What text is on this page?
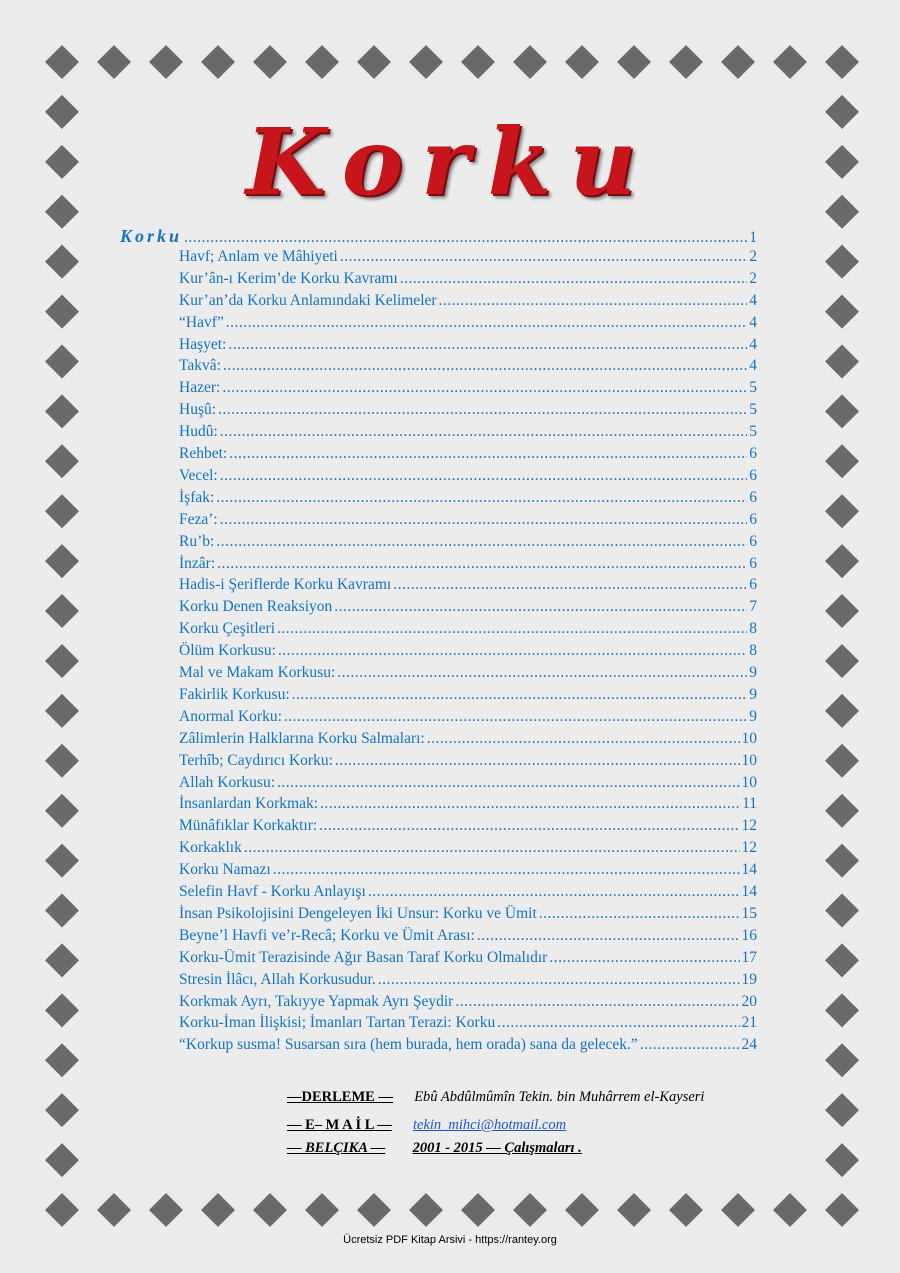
Korku
Korku .....	1
Havf; Anlam ve Mâhiyeti .....	2
Kur’ân-ı Kerim’de Korku Kavramı .....	2
Kur’an’da Korku Anlamındaki Kelimeler .....	4
“Havf” .....	4
Haşyet: .....	4
Takvâ: .....	4
Hazer: .....	5
Huşû: .....	5
Hudû: .....	5
Rehbet: .....	6
Vecel: .....	6
İşfak: .....	6
Feza’: .....	6
Ru’b: .....	6
İnzâr: .....	6
Hadis-i Şeriflerde Korku Kavramı .....	6
Korku Denen Reaksiyon .....	7
Korku Çeşitleri .....	8
Ölüm Korkusu: .....	8
Mal ve Makam Korkusu: .....	9
Fakirlik Korkusu: .....	9
Anormal Korku: .....	9
Zâlimlerin Halklarına Korku Salmaları: .....	10
Terhîb; Caydırıcı Korku: .....	10
Allah Korkusu: .....	10
İnsanlardan Korkmak: .....	11
Münâfıklar Korkaktır: .....	12
Korkaklık .....	12
Korku Namazı .....	14
Selefin Havf - Korku Anlayışı .....	14
İnsan Psikolojisini Dengeleyen İki Unsur: Korku ve Ümit .....	15
Beyne’l Havfi ve’r-Recâ; Korku ve Ümit Arası: .....	16
Korku-Ümit Terazisinde Ağır Basan Taraf Korku Olmalıdır .....	17
Stresin İlâcı, Allah Korkusudur. .....	19
Korkmak Ayrı, Takıyye Yapmak Ayrı Şeydir .....	20
Korku-İman İlişkisi; İmanları Tartan Terazi: Korku .....	21
“Korkup susma! Susarsan sıra (hem burada, hem orada) sana da gelecek.” .....	24
—DERLEME — Ebû Abdûlmûmîn Tekin. bin Muhârrem el-Kayseri
— E– M A İ L — tekin_mihci@hotmail.com
— BELÇIKA — 2001 - 2015 — Çalışmaları .
Ücretsiz PDF Kitap Arsivi - https://rantey.org
